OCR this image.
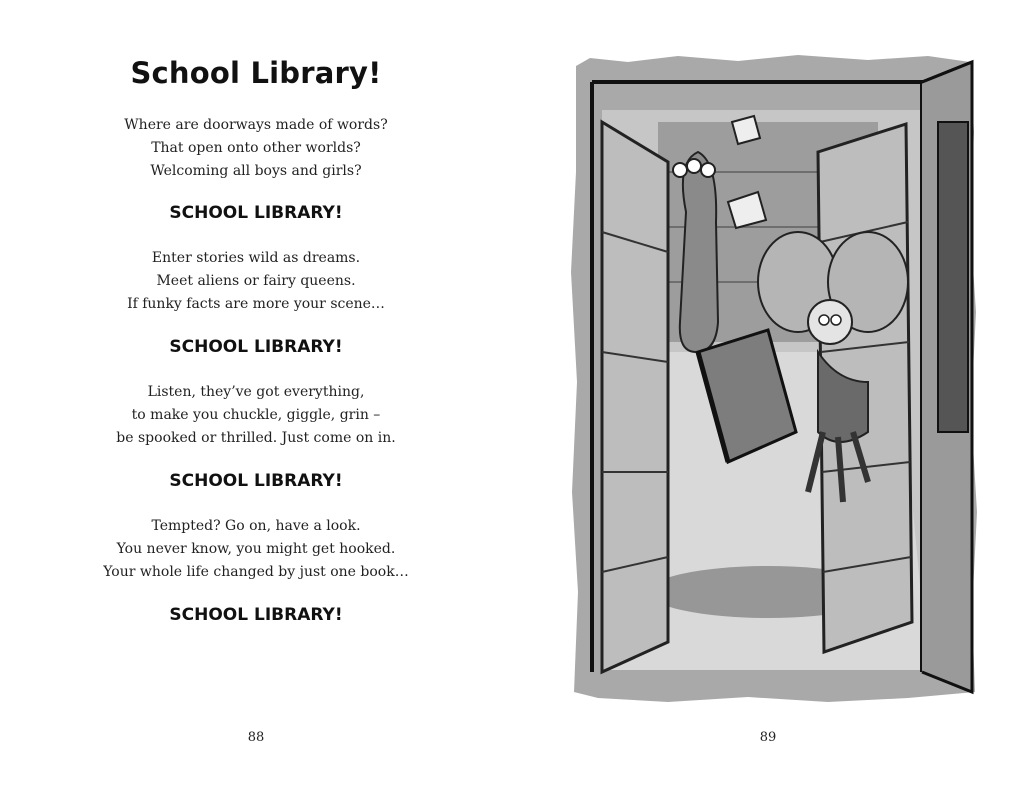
School Library!
Where are doorways made of words?
That open onto other worlds?
Welcoming all boys and girls?
SCHOOL LIBRARY!
Enter stories wild as dreams.
Meet aliens or fairy queens.
If funky facts are more your scene…
SCHOOL LIBRARY!
Listen, they’ve got everything,
to make you chuckle, giggle, grin –
be spooked or thrilled. Just come on in.
SCHOOL LIBRARY!
Tempted? Go on, have a look.
You never know, you might get hooked.
Your whole life changed by just one book…
SCHOOL LIBRARY!
88	89
